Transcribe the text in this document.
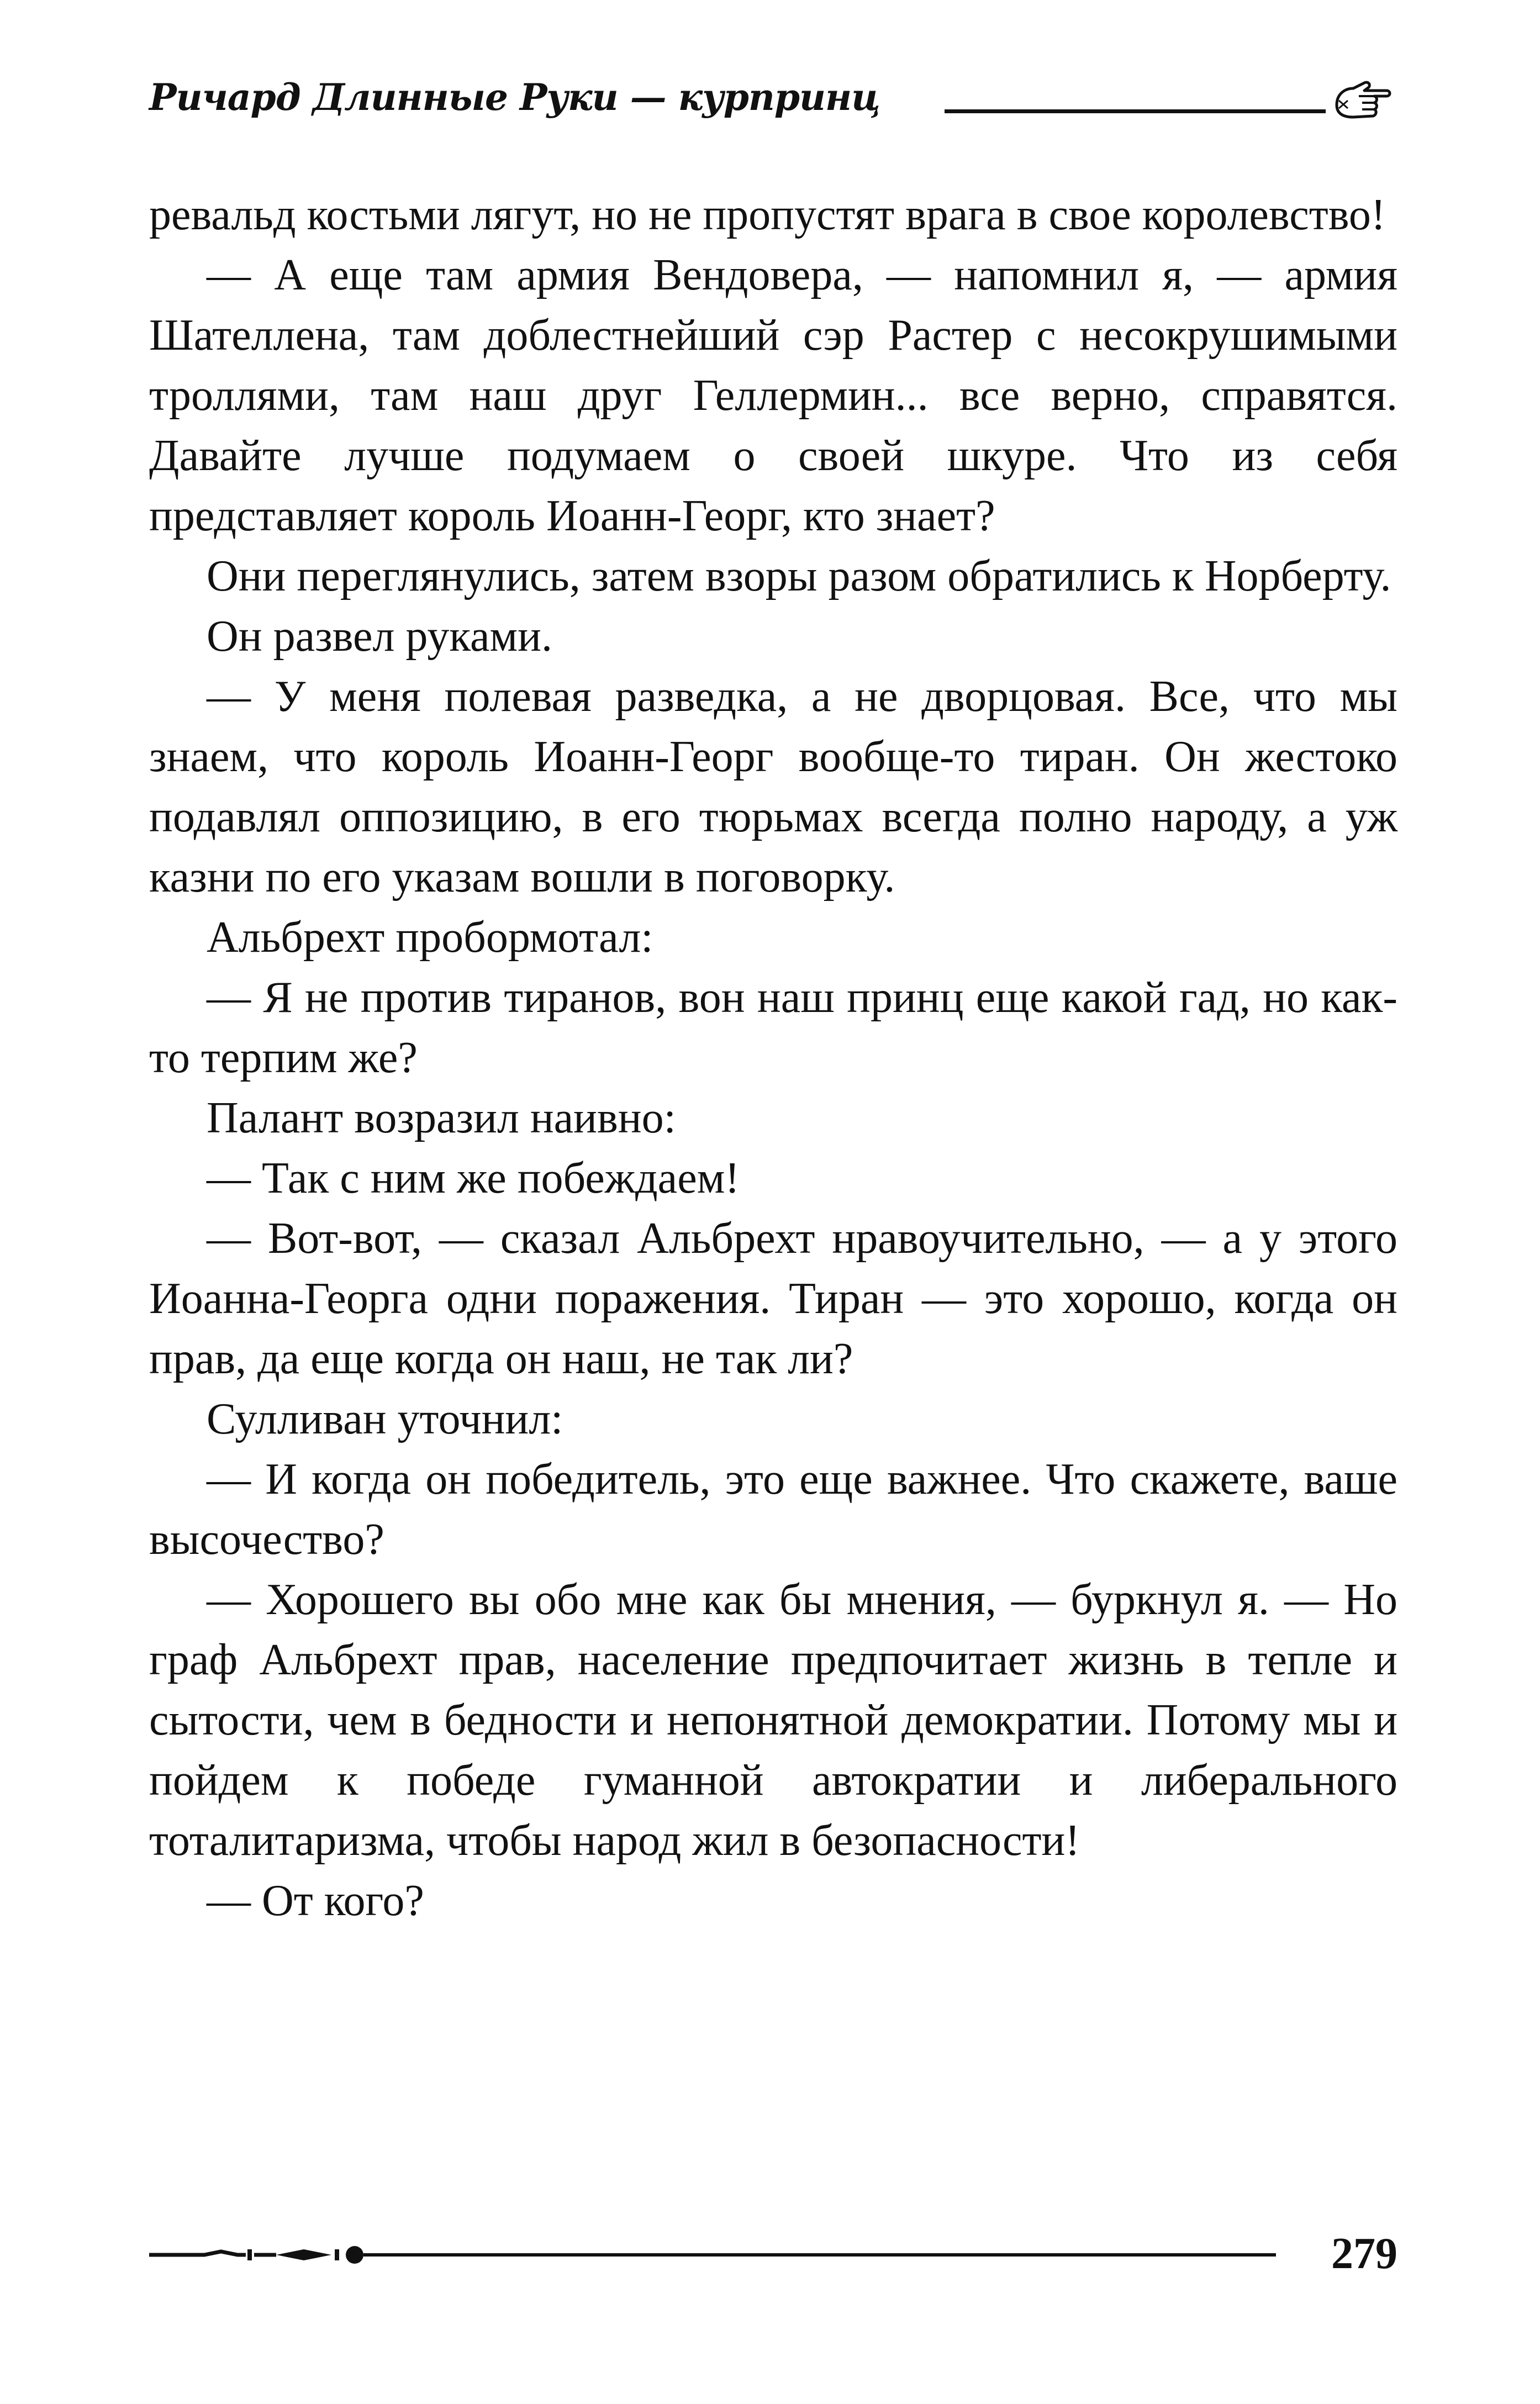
Ричард Длинные Руки — курпринц

ревальд костьми лягут, но не пропустят врага в свое королевство!

— А еще там армия Вендовера, — напомнил я, — армия Шателлена, там доблестнейший сэр Растер с несокрушимыми троллями, там наш друг Геллермин... все верно, справятся. Давайте лучше подумаем о своей шкуре. Что из себя представляет король Иоанн-Георг, кто знает?

Они переглянулись, затем взоры разом обратились к Норберту.

Он развел руками.

— У меня полевая разведка, а не дворцовая. Все, что мы знаем, что король Иоанн-Георг вообще-то тиран. Он жестоко подавлял оппозицию, в его тюрьмах всегда полно народу, а уж казни по его указам вошли в поговорку.

Альбрехт пробормотал:

— Я не против тиранов, вон наш принц еще какой гад, но как-то терпим же?

Палант возразил наивно:

— Так с ним же побеждаем!

— Вот-вот, — сказал Альбрехт нравоучительно, — а у этого Иоанна-Георга одни поражения. Тиран — это хорошо, когда он прав, да еще когда он наш, не так ли?

Сулливан уточнил:

— И когда он победитель, это еще важнее. Что скажете, ваше высочество?

— Хорошего вы обо мне как бы мнения, — буркнул я. — Но граф Альбрехт прав, население предпочитает жизнь в тепле и сытости, чем в бедности и непонятной демократии. Потому мы и пойдем к победе гуманной автократии и либерального тоталитаризма, чтобы народ жил в безопасности!

— От кого?

279
